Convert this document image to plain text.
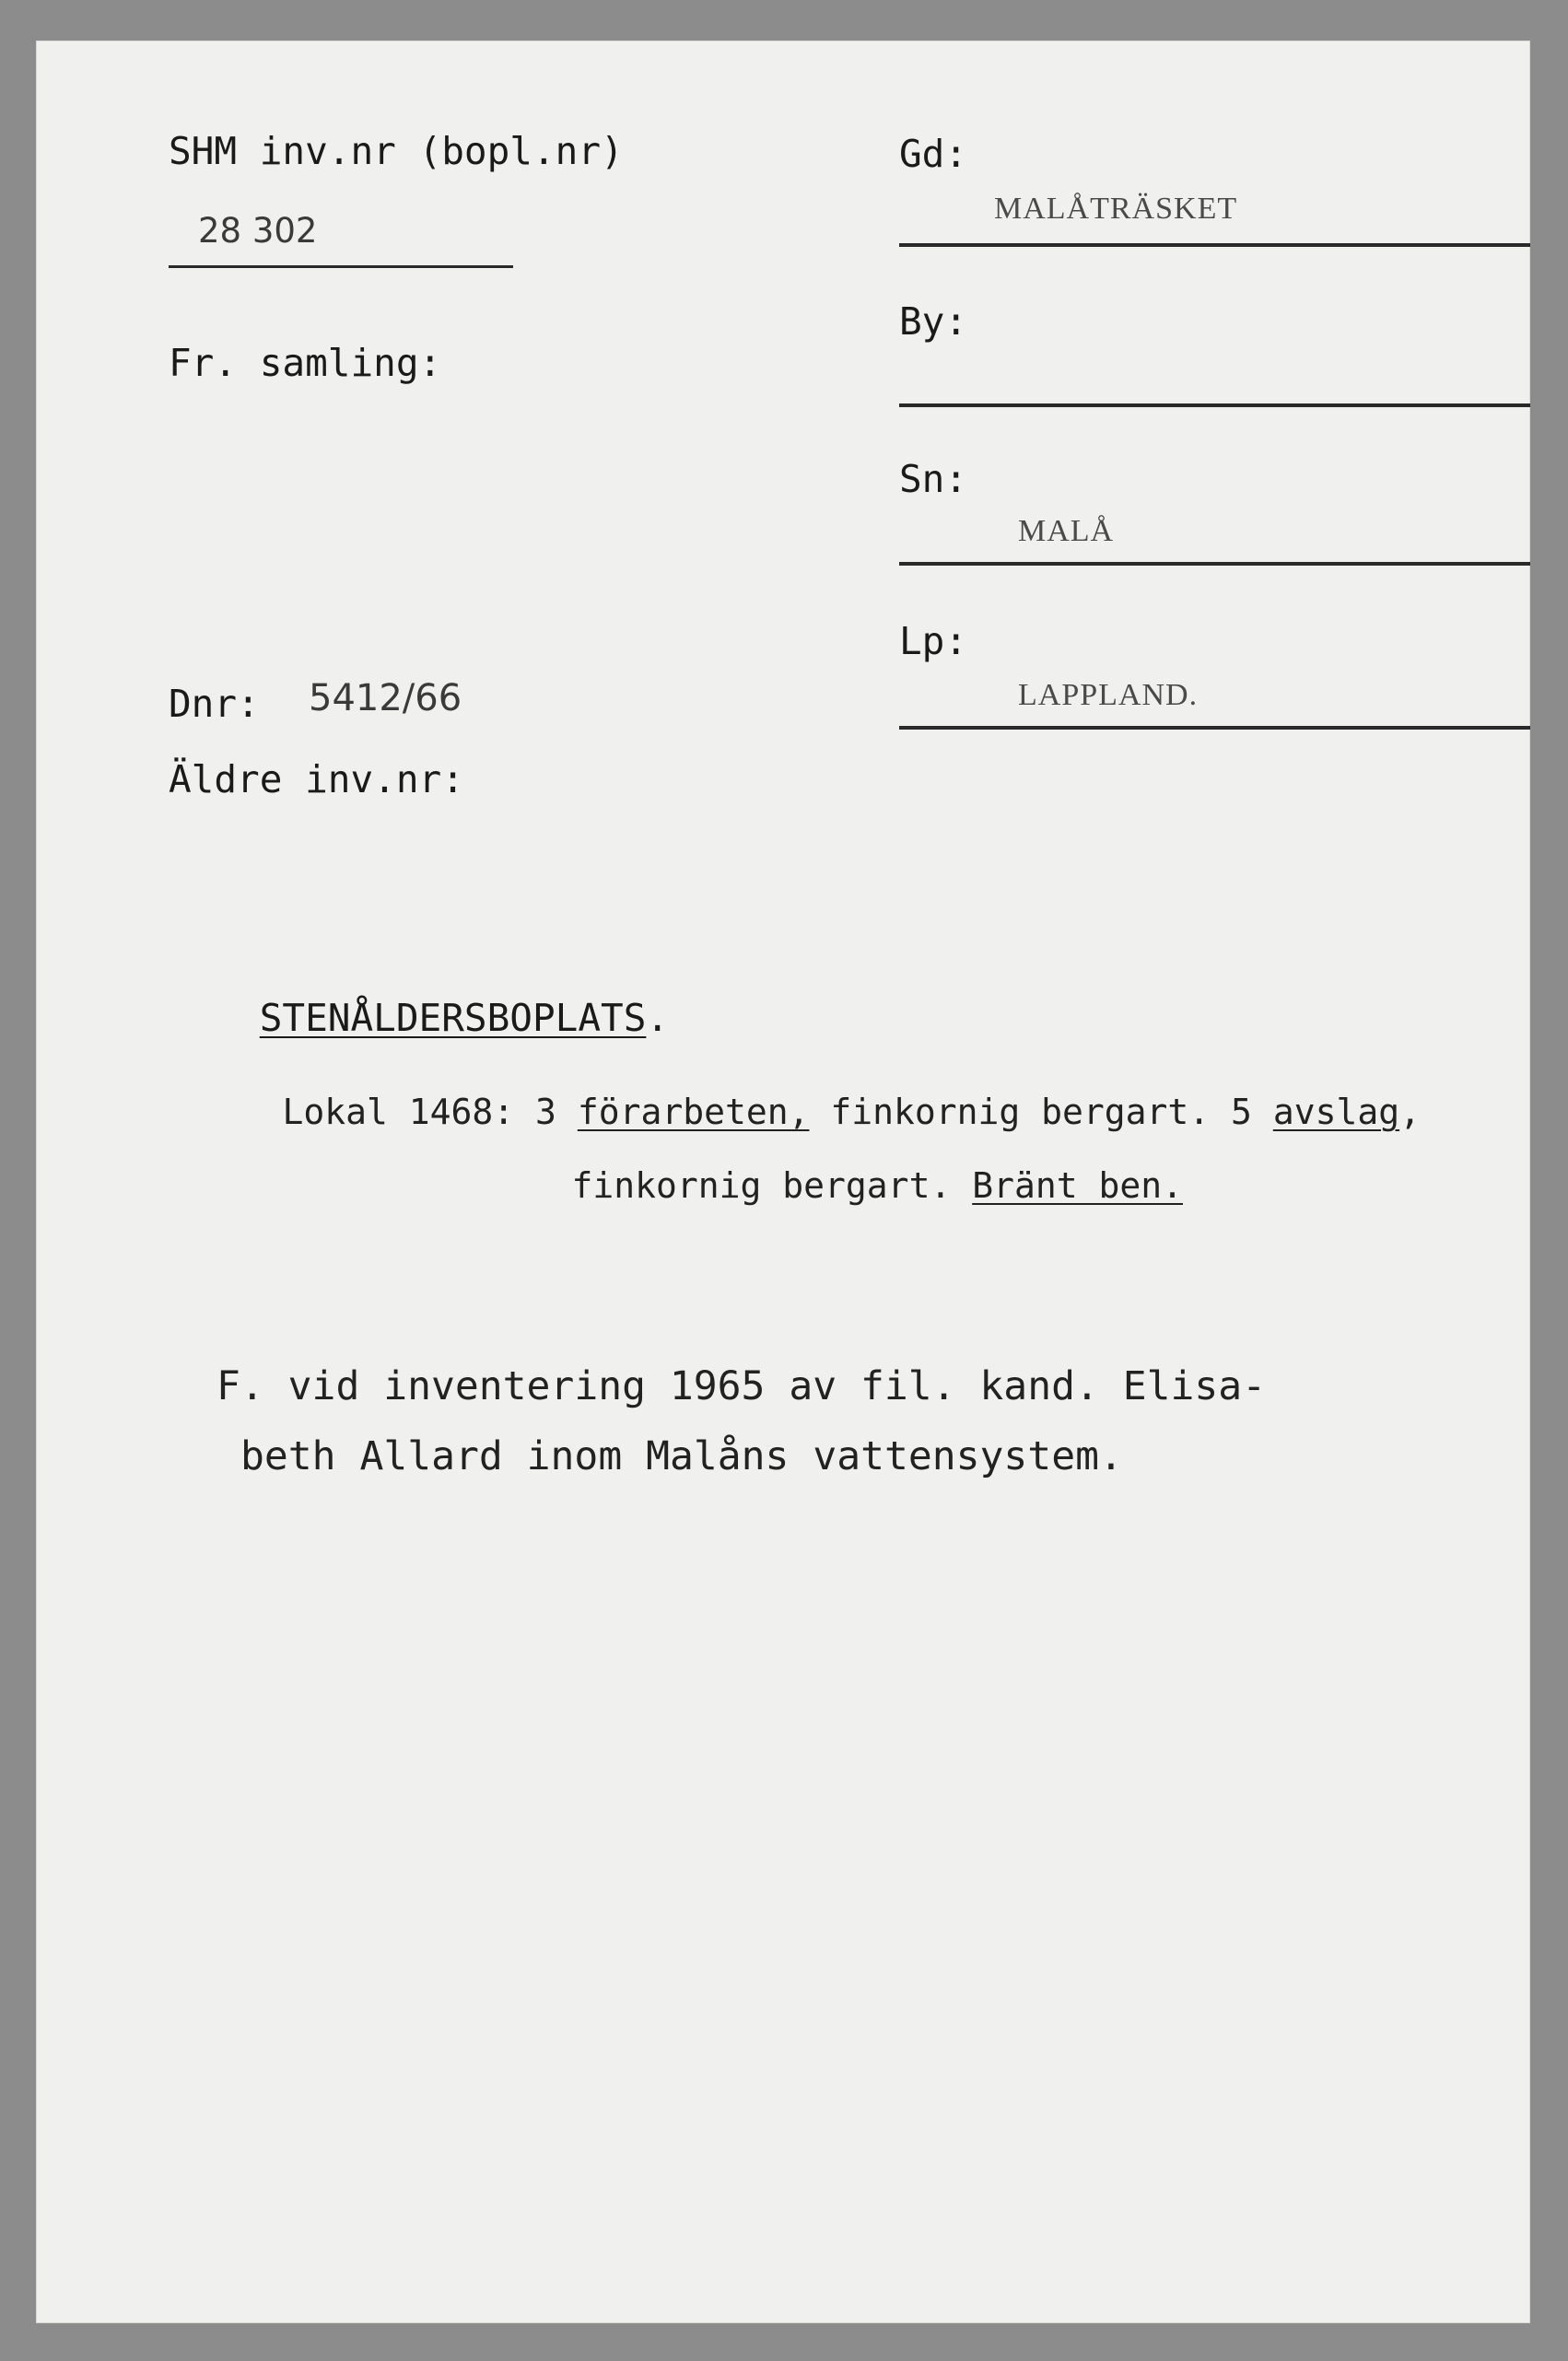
SHM inv.nr (bopl.nr)
28 302
Fr. samling:
Dnr: 5412/66
Äldre inv.nr:
Gd:
MALÅTRÄSKET
By:
Sn:
MALÅ
Lp:
LAPPLAND.

STENÅLDERSBOPLATS.

Lokal 1468: 3 förarbeten, finkornig bergart. 5 avslag,

finkornig bergart. Bränt ben.

F. vid inventering 1965 av fil. kand. Elisa-
beth Allard inom Malåns vattensystem.
